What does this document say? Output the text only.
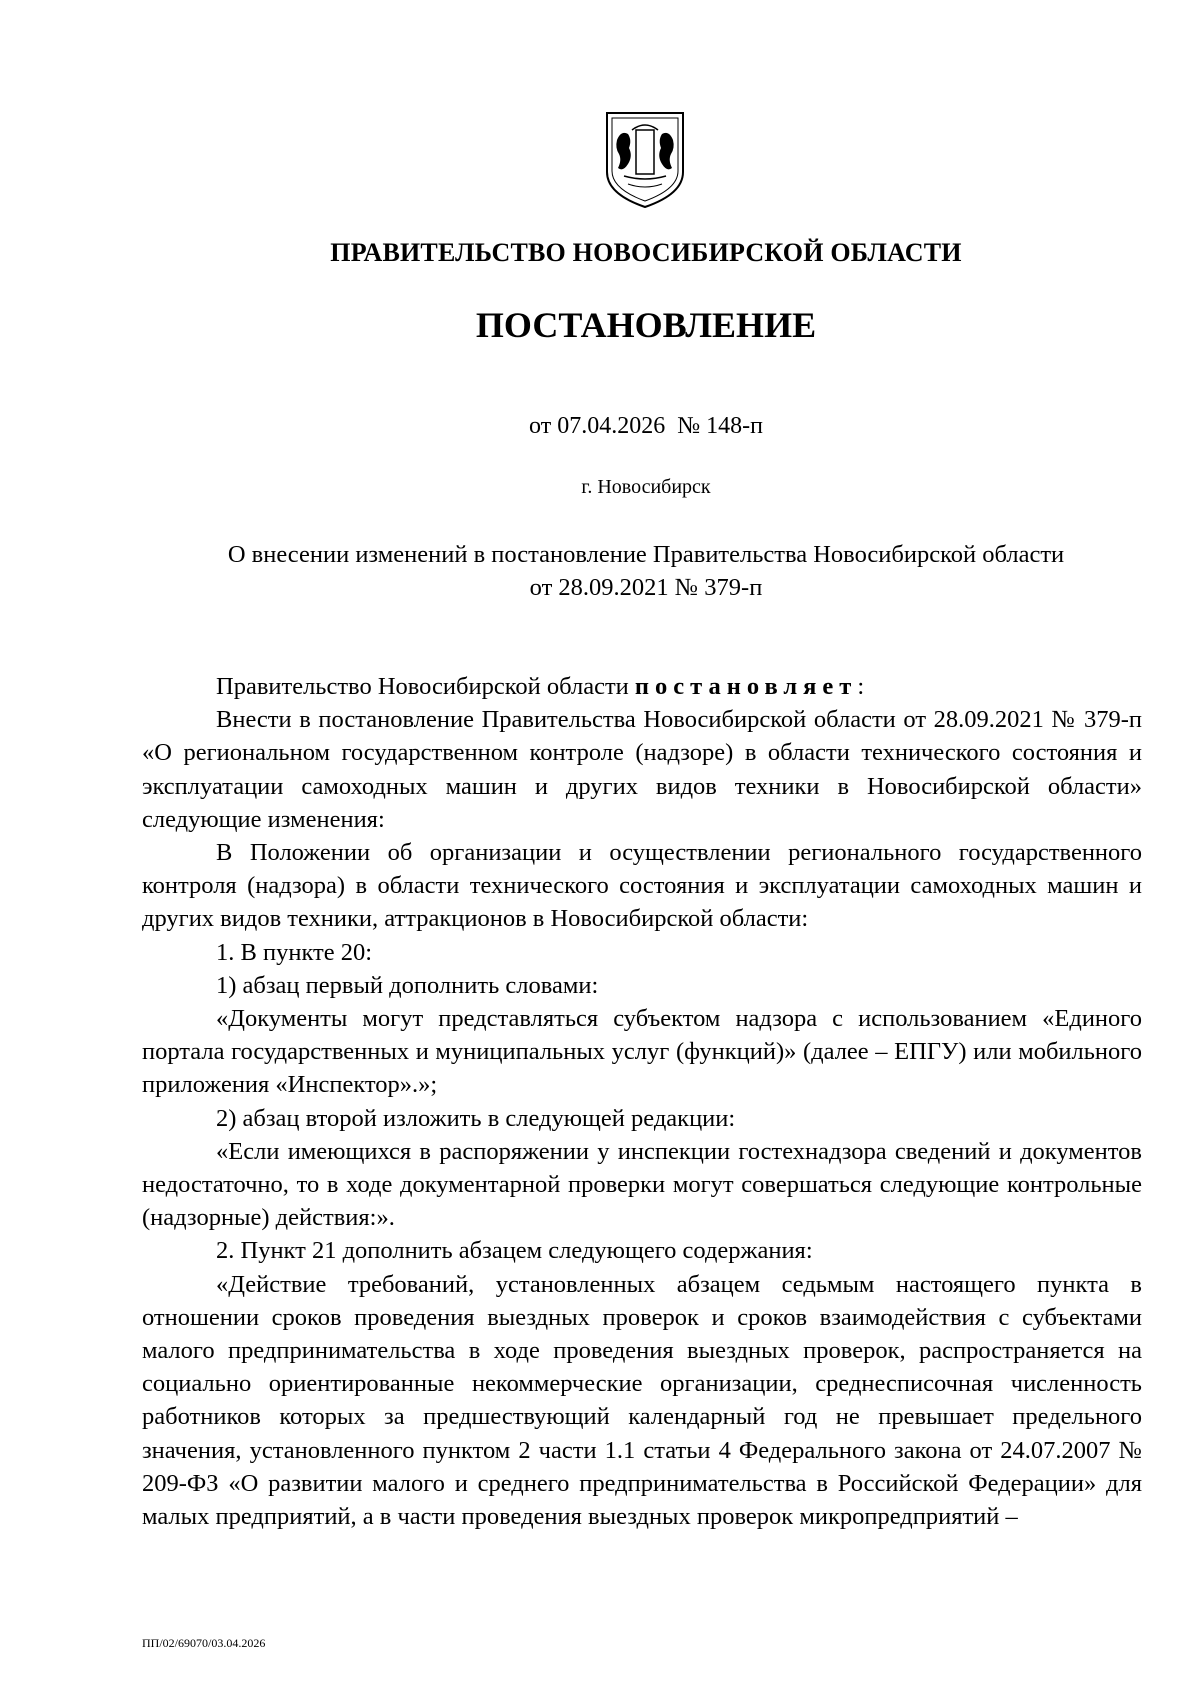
ПРАВИТЕЛЬСТВО НОВОСИБИРСКОЙ ОБЛАСТИ
ПОСТАНОВЛЕНИЕ
от 07.04.2026  № 148-п
г. Новосибирск
О внесении изменений в постановление Правительства Новосибирской области
от 28.09.2021 № 379-п

Правительство Новосибирской области постановляет:

Внести в постановление Правительства Новосибирской области от 28.09.2021 № 379-п «О региональном государственном контроле (надзоре) в области технического состояния и эксплуатации самоходных машин и других видов техники в Новосибирской области» следующие изменения:

В Положении об организации и осуществлении регионального государственного контроля (надзора) в области технического состояния и эксплуатации самоходных машин и других видов техники, аттракционов в Новосибирской области:

1. В пункте 20:

1) абзац первый дополнить словами:

«Документы могут представляться субъектом надзора с использованием «Единого портала государственных и муниципальных услуг (функций)» (далее – ЕПГУ) или мобильного приложения «Инспектор».»;

2) абзац второй изложить в следующей редакции:

«Если имеющихся в распоряжении у инспекции гостехнадзора сведений и документов недостаточно, то в ходе документарной проверки могут совершаться следующие контрольные (надзорные) действия:».

2. Пункт 21 дополнить абзацем следующего содержания:

«Действие требований, установленных абзацем седьмым настоящего пункта в отношении сроков проведения выездных проверок и сроков взаимодействия с субъектами малого предпринимательства в ходе проведения выездных проверок, распространяется на социально ориентированные некоммерческие организации, среднесписочная численность работников которых за предшествующий календарный год не превышает предельного значения, установленного пунктом 2 части 1.1 статьи 4 Федерального закона от 24.07.2007 № 209-ФЗ «О развитии малого и среднего предпринимательства в Российской Федерации» для малых предприятий, а в части проведения выездных проверок микропредприятий –

ПП/02/69070/03.04.2026
